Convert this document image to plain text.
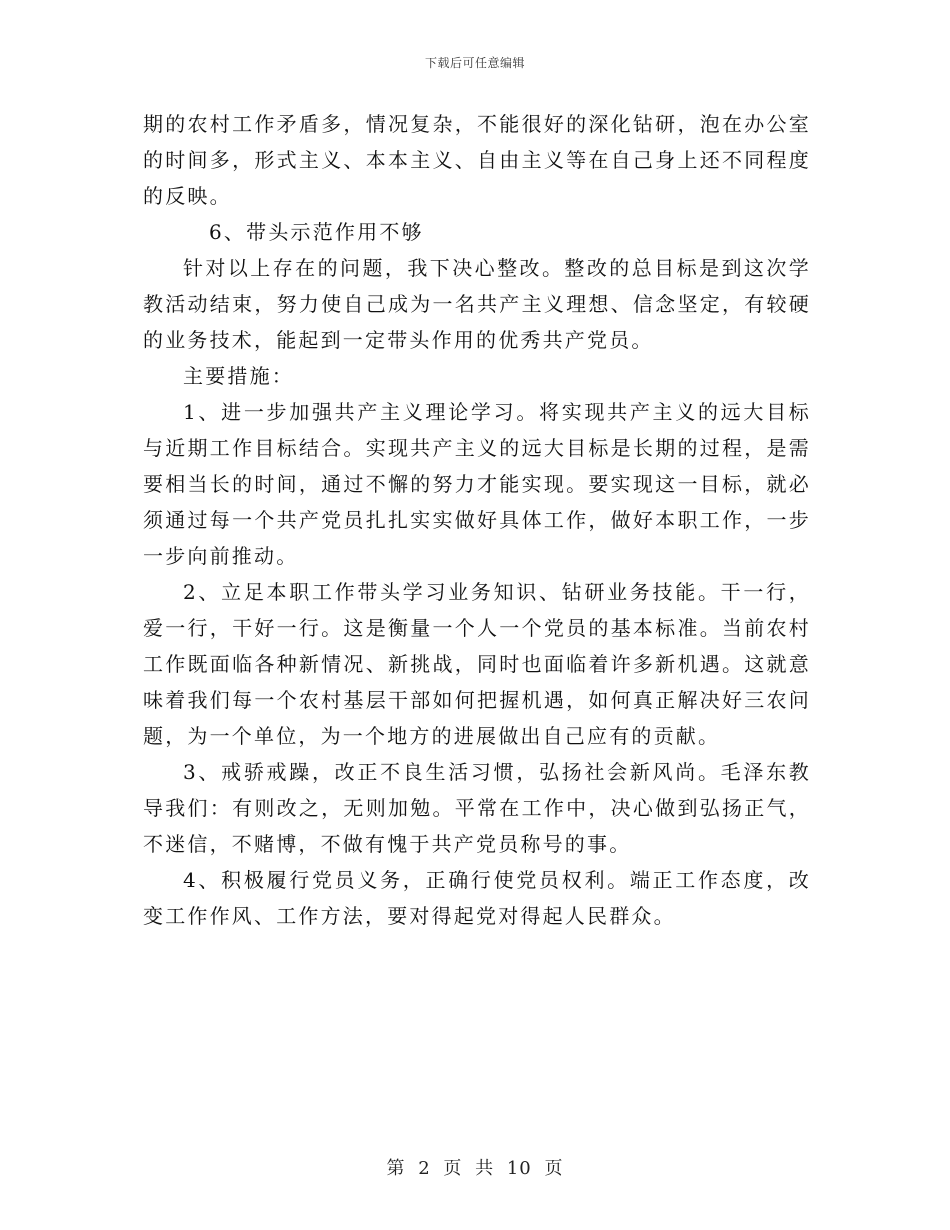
下载后可任意编辑

期的农村工作矛盾多，情况复杂，不能很好的深化钻研，泡在办公室的时间多，形式主义、本本主义、自由主义等在自己身上还不同程度的反映。

6、带头示范作用不够

针对以上存在的问题，我下决心整改。整改的总目标是到这次学教活动结束，努力使自己成为一名共产主义理想、信念坚定，有较硬的业务技术，能起到一定带头作用的优秀共产党员。

主要措施：

1、进一步加强共产主义理论学习。将实现共产主义的远大目标与近期工作目标结合。实现共产主义的远大目标是长期的过程，是需要相当长的时间，通过不懈的努力才能实现。要实现这一目标，就必须通过每一个共产党员扎扎实实做好具体工作，做好本职工作，一步一步向前推动。

2、立足本职工作带头学习业务知识、钻研业务技能。干一行，爱一行，干好一行。这是衡量一个人一个党员的基本标准。当前农村工作既面临各种新情况、新挑战，同时也面临着许多新机遇。这就意味着我们每一个农村基层干部如何把握机遇，如何真正解决好三农问题，为一个单位，为一个地方的进展做出自己应有的贡献。

3、戒骄戒躁，改正不良生活习惯，弘扬社会新风尚。毛泽东教导我们：有则改之，无则加勉。平常在工作中，决心做到弘扬正气，不迷信，不赌博，不做有愧于共产党员称号的事。

4、积极履行党员义务，正确行使党员权利。端正工作态度，改变工作作风、工作方法，要对得起党对得起人民群众。

第 2 页 共 10 页
